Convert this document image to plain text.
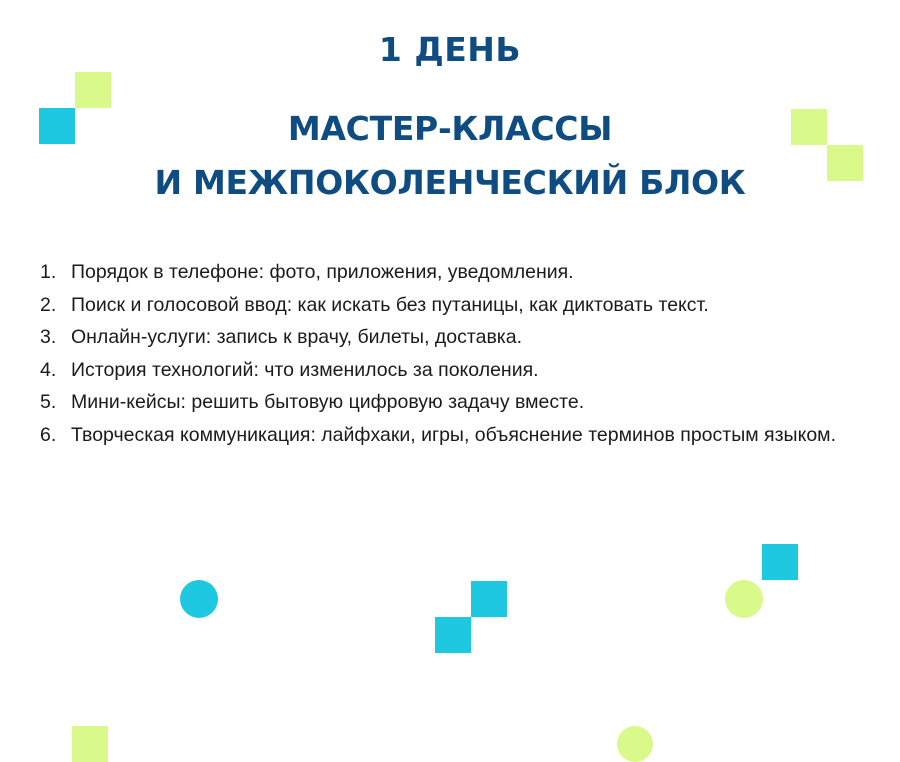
1 ДЕНЬ
МАСТЕР-КЛАССЫ
И МЕЖПОКОЛЕНЧЕСКИЙ БЛОК
1. Порядок в телефоне: фото, приложения, уведомления.
2. Поиск и голосовой ввод: как искать без путаницы, как диктовать текст.
3. Онлайн-услуги: запись к врачу, билеты, доставка.
4. История технологий: что изменилось за поколения.
5. Мини-кейсы: решить бытовую цифровую задачу вместе.
6. Творческая коммуникация: лайфхаки, игры, объяснение терминов простым языком.
